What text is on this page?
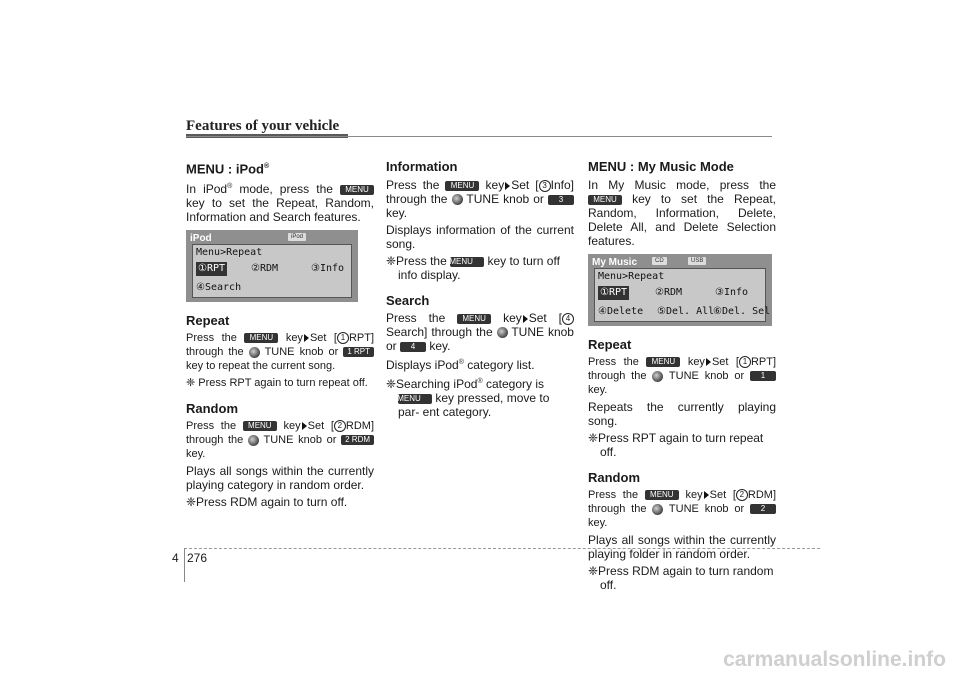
Features of your vehicle
MENU : iPod®

In iPod® mode, press the MENU key to set the Repeat, Random, Information and Search features.

iPod	iPod
Menu>Repeat
①RPT	②RDM	③Info
④Search
Repeat

Press the MENU key Set [ 1 RPT] through the TUNE knob or 1 RPT key to repeat the current song.

❈ Press RPT again to turn repeat off.

Random

Press the MENU key Set [ 2 RDM] through the TUNE knob or 2 RDM key.

Plays all songs within the currently playing category in random order.

❈Press RDM again to turn off.

Information

Press the MENU key Set [ 3 Info] through the TUNE knob or 3 key.

Displays information of the current song.

❈Press the MENU key to turn off info display.

Search

Press the MENU key Set [ 4Search] through the TUNE knob or 4 key.

Displays iPod® category list.

❈Searching iPod® category is MENU key pressed, move to par- ent category.

MENU : My Music Mode

In My Music mode, press the MENU key to set the Repeat, Random, Information, Delete, Delete All, and Delete Selection features.

My Music	CD	USB
Menu>Repeat
①RPT	②RDM	③Info
④Delete ⑤Del. All
⑥Del. Sel
Repeat

Press the MENU key Set [ 1 RPT] through the TUNE knob or 1 key.

Repeats the currently playing song.

❈Press RPT again to turn repeat off.

Random

Press the MENU key Set [ 2 RDM] through the TUNE knob or 2 key.

Plays all songs within the currently playing folder in random order.

❈Press RDM again to turn random off.

4 276
carmanualsonline.info
